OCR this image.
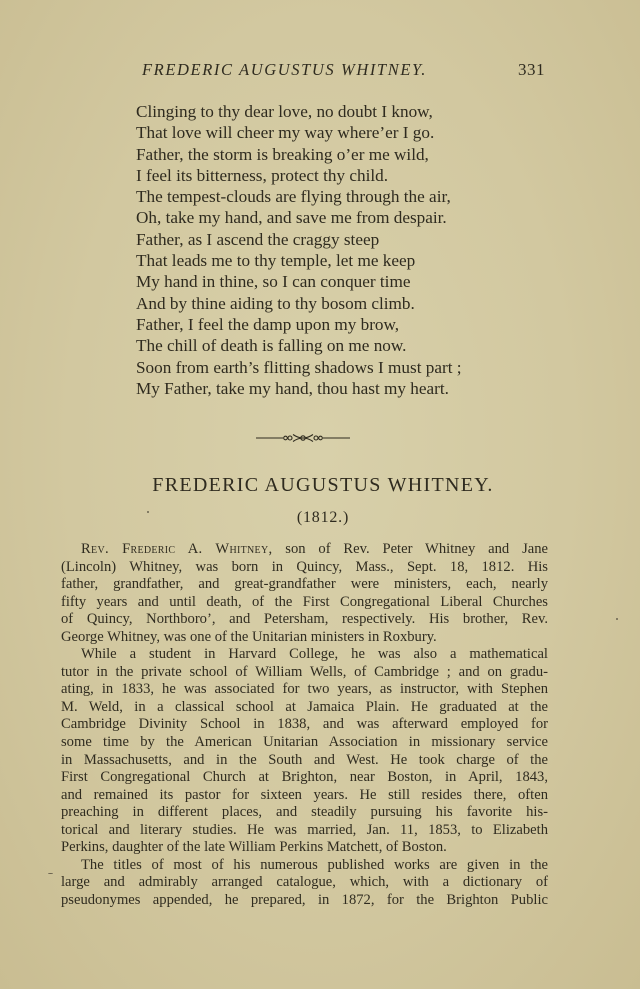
FREDERIC AUGUSTUS WHITNEY.	331
Clinging to thy dear love, no doubt I know,
That love will cheer my way where’er I go.
Father, the storm is breaking o’er me wild,
I feel its bitterness, protect thy child.
The tempest-clouds are flying through the air,
Oh, take my hand, and save me from despair.
Father, as I ascend the craggy steep
That leads me to thy temple, let me keep
My hand in thine, so I can conquer time
And by thine aiding to thy bosom climb.
Father, I feel the damp upon my brow,
The chill of death is falling on me now.
Soon from earth’s flitting shadows I must part ;
My Father, take my hand, thou hast my heart.
FREDERIC AUGUSTUS WHITNEY.
(1812.)

Rev. Frederic A. Whitney, son of Rev. Peter Whitney and Jane
(Lincoln) Whitney, was born in Quincy, Mass., Sept. 18, 1812. His
father, grandfather, and great-grandfather were ministers, each, nearly
fifty years and until death, of the First Congregational Liberal Churches
of Quincy, Northboro’, and Petersham, respectively. His brother, Rev.
George Whitney, was one of the Unitarian ministers in Roxbury.

While a student in Harvard College, he was also a mathematical
tutor in the private school of William Wells, of Cambridge ; and on gradu-
ating, in 1833, he was associated for two years, as instructor, with Stephen
M. Weld, in a classical school at Jamaica Plain. He graduated at the
Cambridge Divinity School in 1838, and was afterward employed for
some time by the American Unitarian Association in missionary service
in Massachusetts, and in the South and West. He took charge of the
First Congregational Church at Brighton, near Boston, in April, 1843,
and remained its pastor for sixteen years. He still resides there, often
preaching in different places, and steadily pursuing his favorite his-
torical and literary studies. He was married, Jan. 11, 1853, to Elizabeth
Perkins, daughter of the late William Perkins Matchett, of Boston.

The titles of most of his numerous published works are given in the
large and admirably arranged catalogue, which, with a dictionary of
pseudonymes appended, he prepared, in 1872, for the Brighton Public
